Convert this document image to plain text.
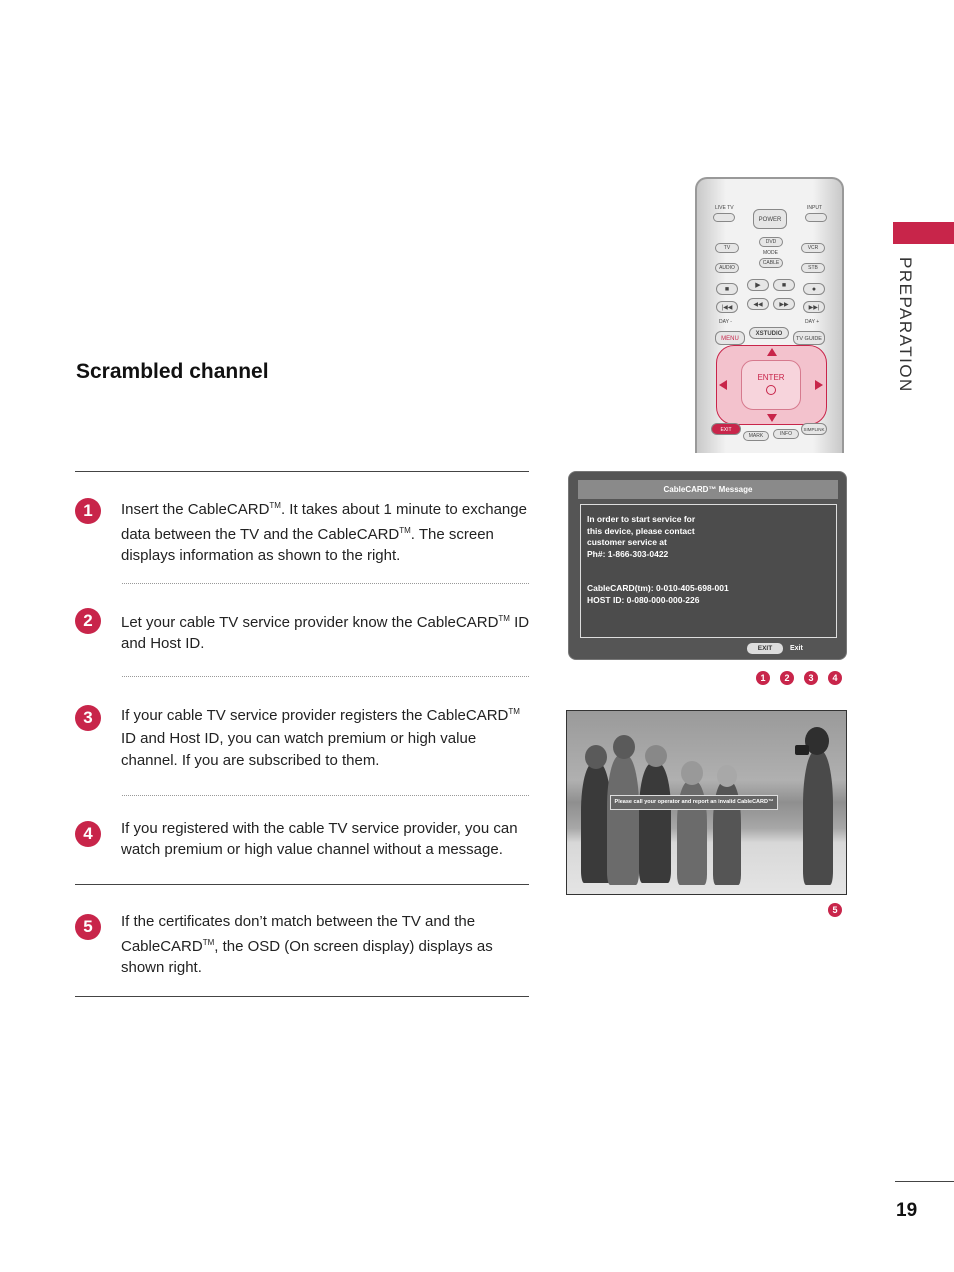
PREPARATION
Scrambled channel
1
2
3
4
5
Insert the CableCARD™. It takes about 1 minute to exchange data between the TV and the CableCARD™. The screen displays information as shown to the right.
Let your cable TV service provider know the CableCARD™ ID and Host ID.
If your cable TV service provider registers the CableCARD™ ID and Host ID, you can watch premium or high value channel. If you are subscribed to them.
If you registered with the cable TV service provider, you can watch premium or high value channel without a message.
If the certificates don’t match between the TV and the CableCARD™, the OSD (On screen display) displays as shown right.
LIVE TV	INPUT
POWER
TV
DVD
VCR
MODE
AUDIO
CABLE
STB
■
▶	■
●
|◀◀	◀◀	▶▶	▶▶|
DAY -	DAY +
MENU
XSTUDIO
TV GUIDE
ENTER
EXIT
MARK	INFO
SIMPLINK
CableCARD™ Message
In order to start service for
this device, please contact
customer service at
Ph#: 1-866-303-0422
CableCARD(tm): 0-010-405-698-001
HOST ID: 0-080-000-000-226
EXIT	Exit
1	2	3	4
Please call your operator and report an invalid CableCARD™
5
19
